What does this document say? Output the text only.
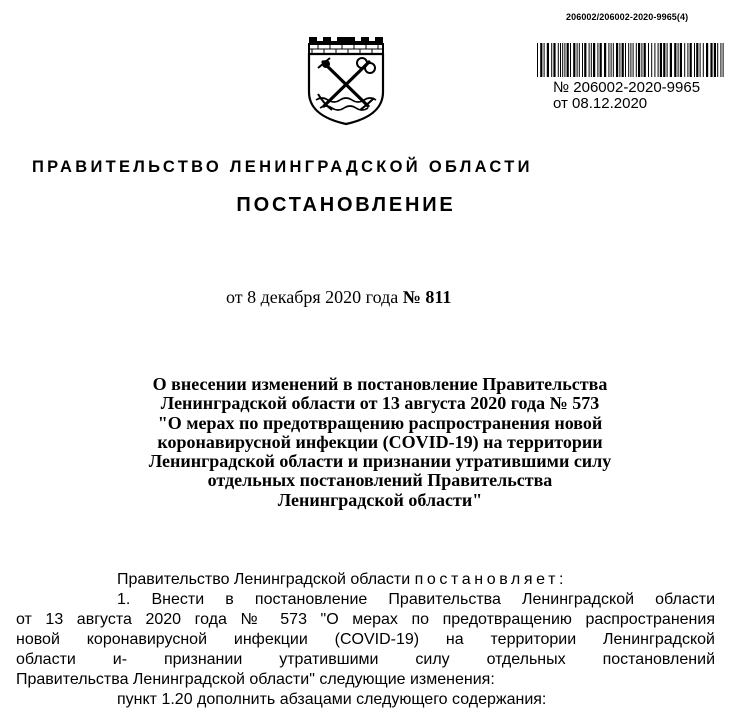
206002/206002-2020-9965(4)
№ 206002-2020-9965
от 08.12.2020
ПРАВИТЕЛЬСТВО ЛЕНИНГРАДСКОЙ ОБЛАСТИ
ПОСТАНОВЛЕНИЕ
от 8 декабря 2020 года № 811
О внесении изменений в постановление Правительства
Ленинградской области от 13 августа 2020 года № 573
"О мерах по предотвращению распространения новой
коронавирусной инфекции (COVID-19) на территории
Ленинградской области и признании утратившими силу
отдельных постановлений Правительства
Ленинградской области"
Правительство Ленинградской области постановляет:
1. Внести в постановление Правительства Ленинградской области
от 13 августа 2020 года № 573 "О мерах по предотвращению распространения
новой коронавирусной инфекции (COVID-19) на территории Ленинградской
области и- признании утратившими силу отдельных постановлений
Правительства Ленинградской области" следующие изменения:
пункт 1.20 дополнить абзацами следующего содержания:
